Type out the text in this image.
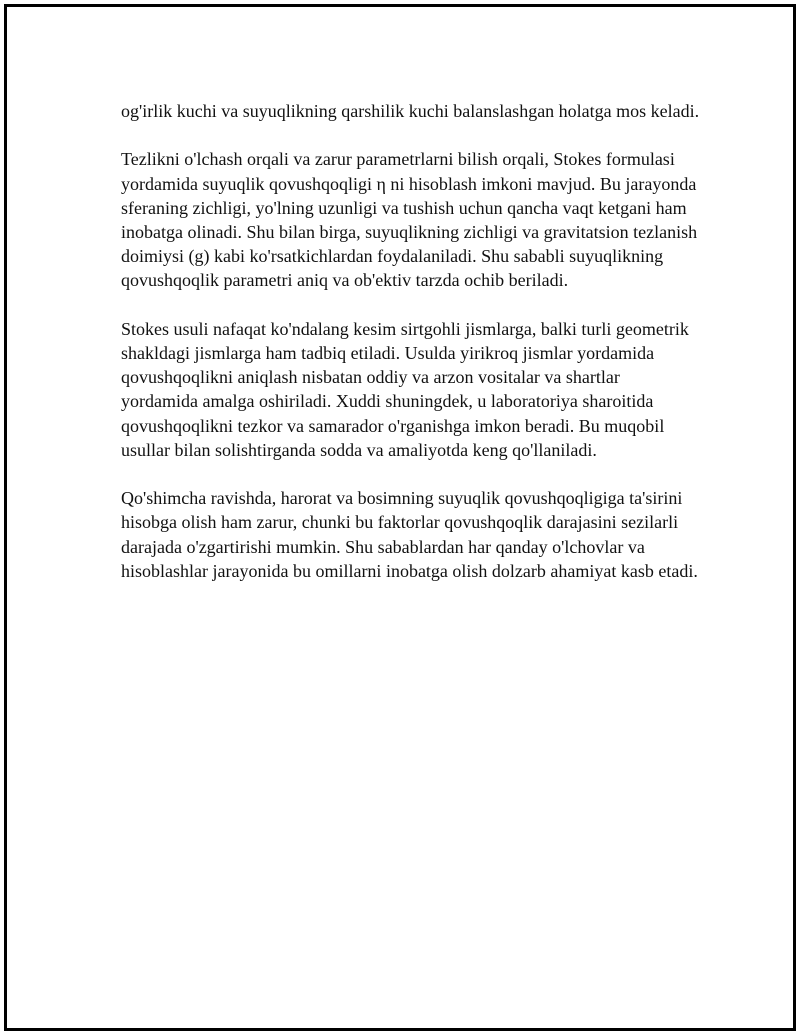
og'irlik kuchi va suyuqlikning qarshilik kuchi balanslashgan holatga mos keladi.

Tezlikni o'lchash orqali va zarur parametrlarni bilish orqali, Stokes formulasi yordamida suyuqlik qovushqoqligi η ni hisoblash imkoni mavjud. Bu jarayonda sferaning zichligi, yo'lning uzunligi va tushish uchun qancha vaqt ketgani ham inobatga olinadi. Shu bilan birga, suyuqlikning zichligi va gravitatsion tezlanish doimiysi (g) kabi ko'rsatkichlardan foydalaniladi. Shu sababli suyuqlikning qovushqoqlik parametri aniq va ob'ektiv tarzda ochib beriladi.

Stokes usuli nafaqat ko'ndalang kesim sirtgohli jismlarga, balki turli geometrik shakldagi jismlarga ham tadbiq etiladi. Usulda yirikroq jismlar yordamida qovushqoqlikni aniqlash nisbatan oddiy va arzon vositalar va shartlar yordamida amalga oshiriladi. Xuddi shuningdek, u laboratoriya sharoitida qovushqoqlikni tezkor va samarador o'rganishga imkon beradi. Bu muqobil usullar bilan solishtirganda sodda va amaliyotda keng qo'llaniladi.

Qo'shimcha ravishda, harorat va bosimning suyuqlik qovushqoqligiga ta'sirini hisobga olish ham zarur, chunki bu faktorlar qovushqoqlik darajasini sezilarli darajada o'zgartirishi mumkin. Shu sabablardan har qanday o'lchovlar va hisoblashlar jarayonida bu omillarni inobatga olish dolzarb ahamiyat kasb etadi.
